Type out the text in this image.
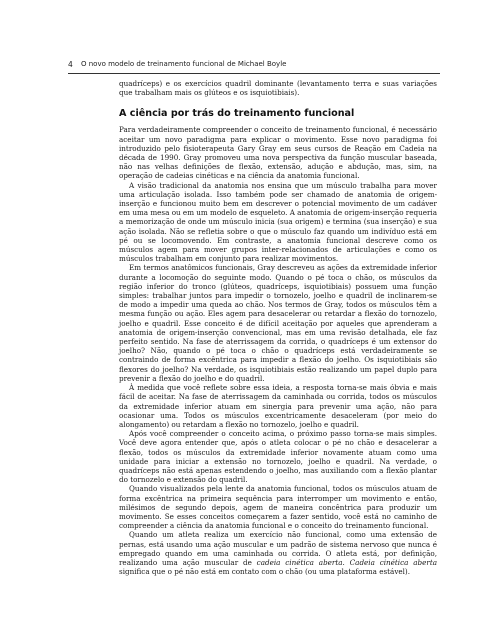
4 O novo modelo de treinamento funcional de Michael Boyle

quadríceps) e os exercícios quadril dominante (levantamento terra e suas variações que trabalham mais os glúteos e os isquiotibiais).

A ciência por trás do treinamento funcional

Para verdadeiramente compreender o conceito de treinamento funcional, é necessário aceitar um novo paradigma para explicar o movimento. Esse novo paradigma foi introduzido pelo fisioterapeuta Gary Gray em seus cursos de Reação em Cadeia na década de 1990. Gray promoveu uma nova perspectiva da função muscular baseada, não nas velhas definições de flexão, extensão, adução e abdução, mas, sim, na operação de cadeias cinéticas e na ciência da anatomia funcional.

A visão tradicional da anatomia nos ensina que um músculo trabalha para mover uma articulação isolada. Isso também pode ser chamado de anatomia de origem-inserção e funcionou muito bem em descrever o potencial movimento de um cadáver em uma mesa ou em um modelo de esqueleto. A anatomia de origem-inserção requeria a memorização de onde um músculo inicia (sua origem) e termina (sua inserção) e sua ação isolada. Não se refletia sobre o que o músculo faz quando um indivíduo está em pé ou se locomovendo. Em contraste, a anatomia funcional descreve como os músculos agem para mover grupos inter-relacionados de articulações e como os músculos trabalham em conjunto para realizar movimentos.

Em termos anatômicos funcionais, Gray descreveu as ações da extremidade inferior durante a locomoção do seguinte modo. Quando o pé toca o chão, os músculos da região inferior do tronco (glúteos, quadríceps, isquiotibiais) possuem uma função simples: trabalhar juntos para impedir o tornozelo, joelho e quadril de inclinarem-se de modo a impedir uma queda ao chão. Nos termos de Gray, todos os músculos têm a mesma função ou ação. Eles agem para desacelerar ou retardar a flexão do tornozelo, joelho e quadril. Esse conceito é de difícil aceitação por aqueles que aprenderam a anatomia de origem-inserção convencional, mas em uma revisão detalhada, ele faz perfeito sentido. Na fase de aterrissagem da corrida, o quadríceps é um extensor do joelho? Não, quando o pé toca o chão o quadríceps está verdadeiramente se contraindo de forma excêntrica para impedir a flexão do joelho. Os isquiotibiais são flexores do joelho? Na verdade, os isquiotibiais estão realizando um papel duplo para prevenir a flexão do joelho e do quadril.

À medida que você reflete sobre essa ideia, a resposta torna-se mais óbvia e mais fácil de aceitar. Na fase de aterrissagem da caminhada ou corrida, todos os músculos da extremidade inferior atuam em sinergia para prevenir uma ação, não para ocasionar uma. Todos os músculos excentricamente desaceleram (por meio do alongamento) ou retardam a flexão no tornozelo, joelho e quadril.

Após você compreender o conceito acima, o próximo passo torna-se mais simples. Você deve agora entender que, após o atleta colocar o pé no chão e desacelerar a flexão, todos os músculos da extremidade inferior novamente atuam como uma unidade para iniciar a extensão no tornozelo, joelho e quadril. Na verdade, o quadríceps não está apenas estendendo o joelho, mas auxiliando com a flexão plantar do tornozelo e extensão do quadril.

Quando visualizados pela lente da anatomia funcional, todos os músculos atuam de forma excêntrica na primeira sequência para interromper um movimento e então, milésimos de segundo depois, agem de maneira concêntrica para produzir um movimento. Se esses conceitos começarem a fazer sentido, você está no caminho de compreender a ciência da anatomia funcional e o conceito do treinamento funcional.

Quando um atleta realiza um exercício não funcional, como uma extensão de pernas, está usando uma ação muscular e um padrão de sistema nervoso que nunca é empregado quando em uma caminhada ou corrida. O atleta está, por definição, realizando uma ação muscular de cadeia cinética aberta. Cadeia cinética aberta significa que o pé não está em contato com o chão (ou uma plataforma estável).
